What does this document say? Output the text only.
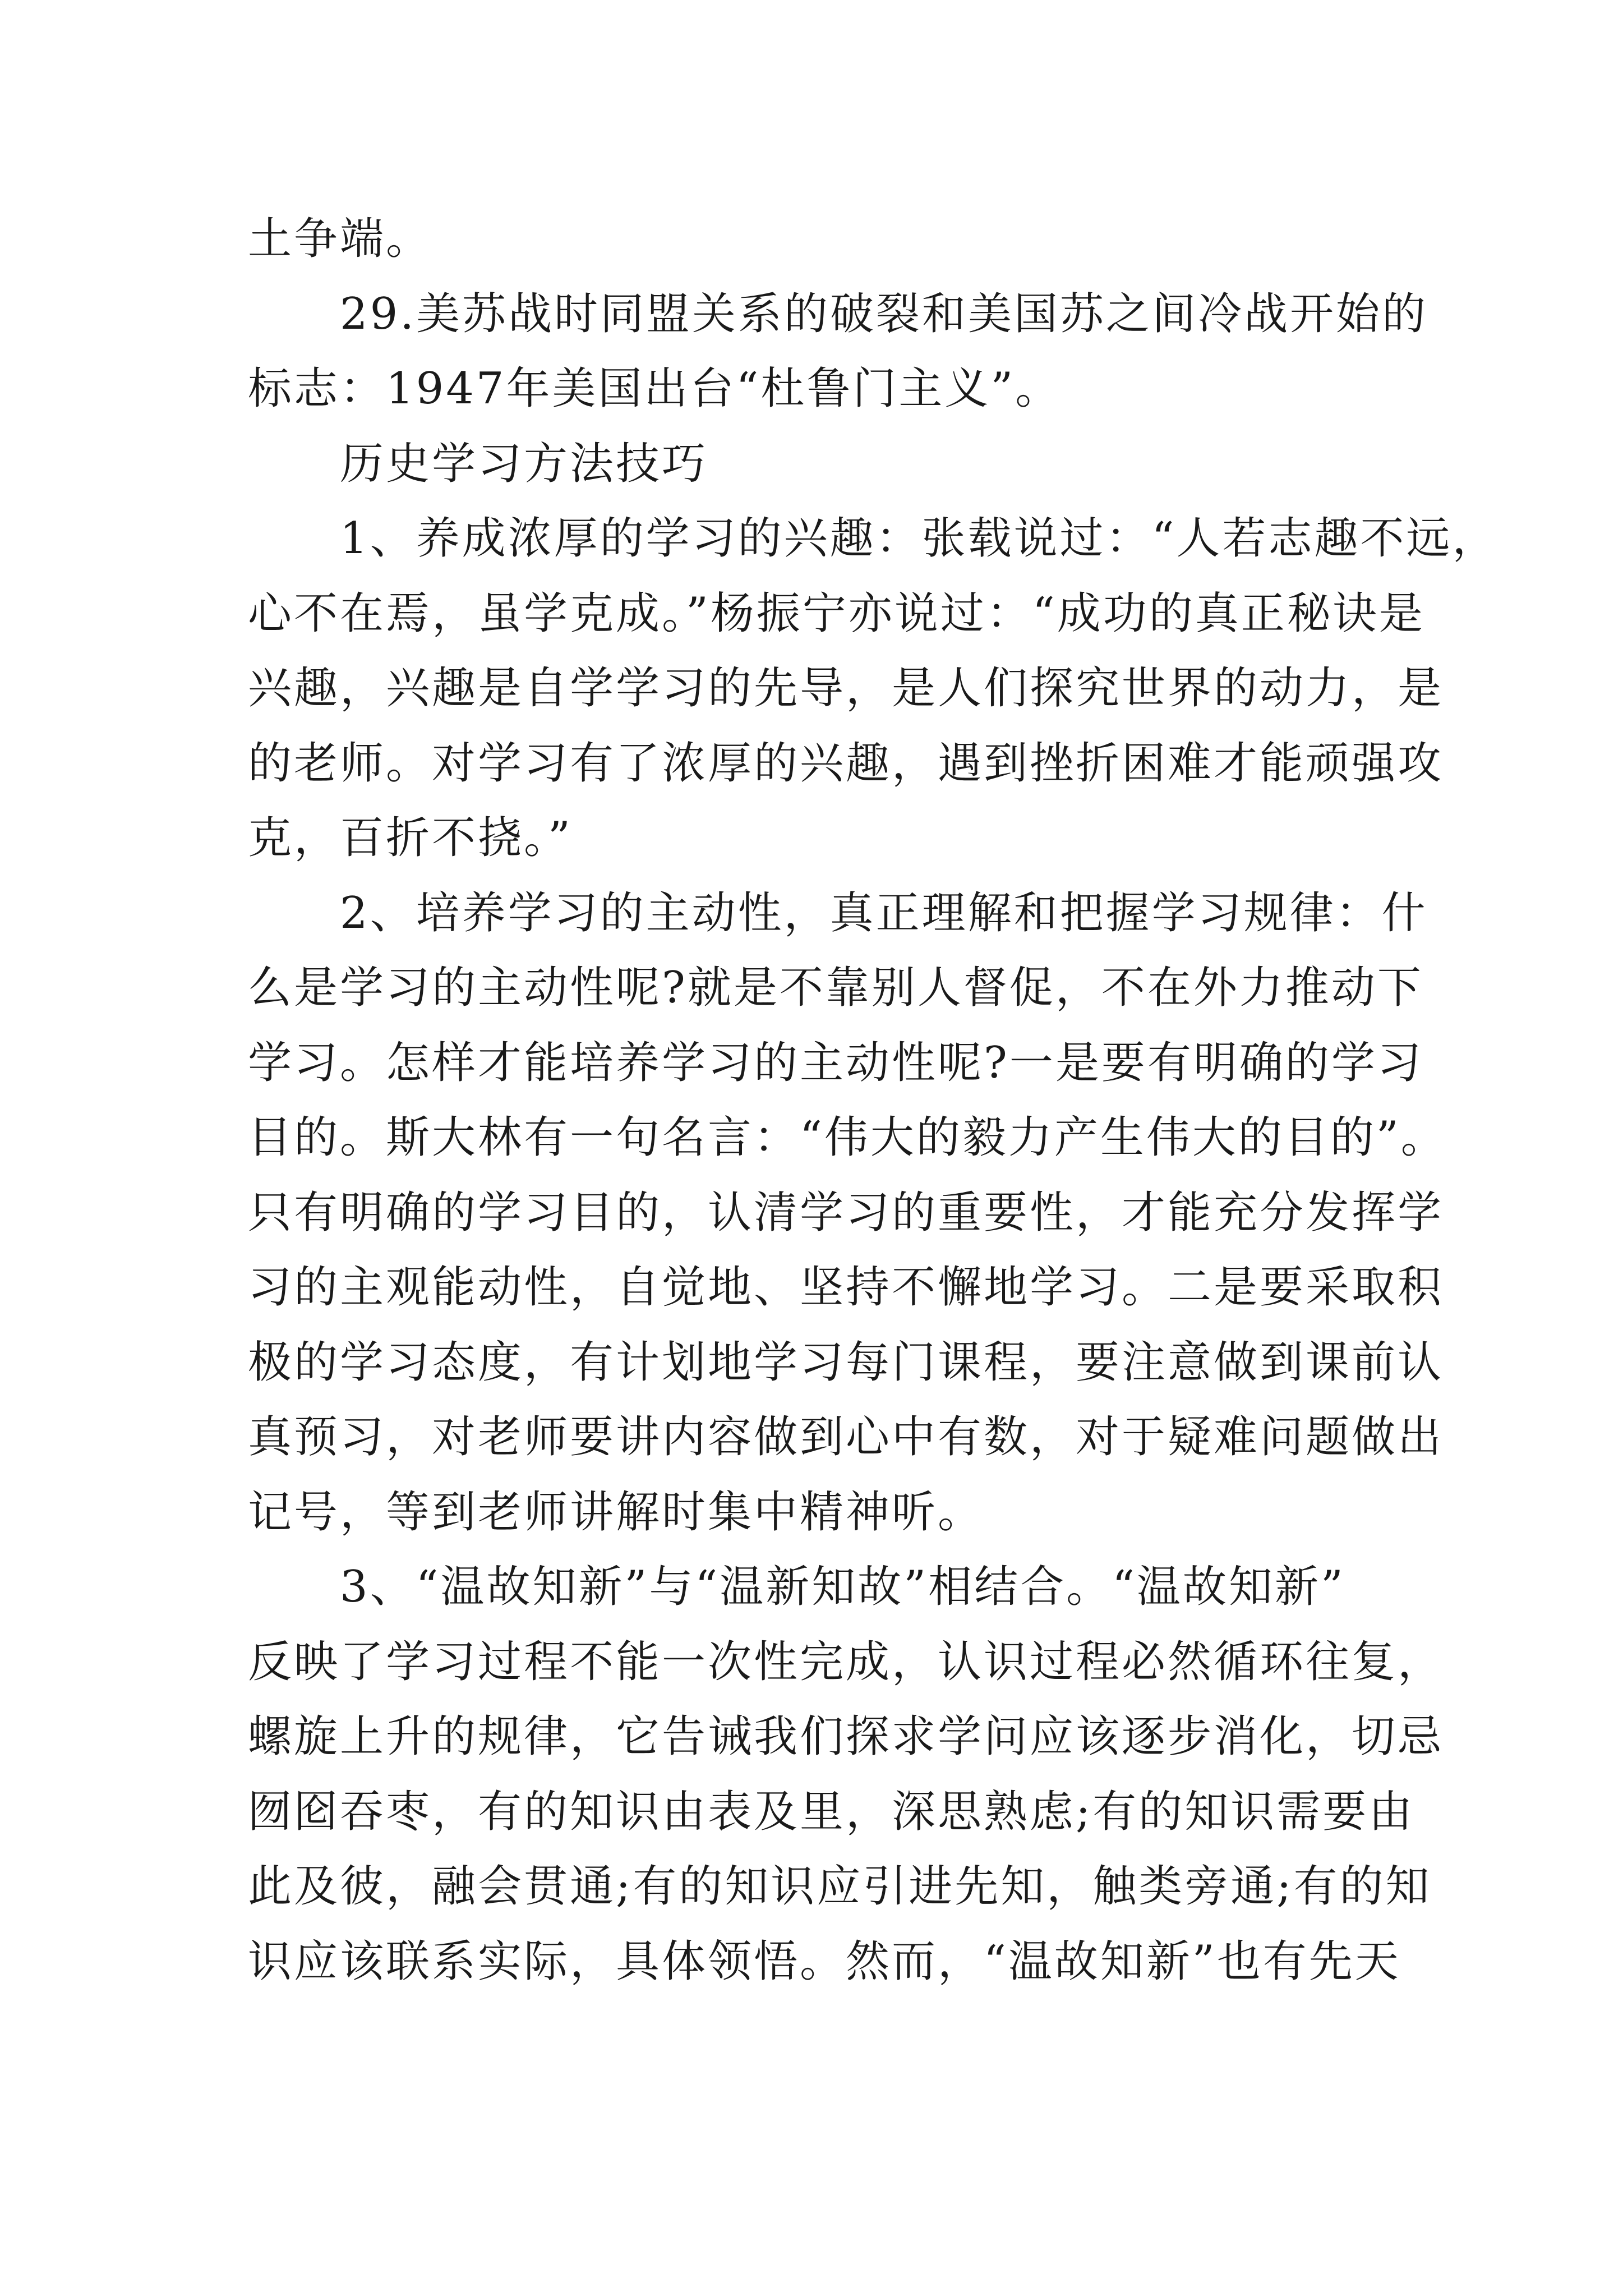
土争端。
29.美苏战时同盟关系的破裂和美国苏之间冷战开始的
标志：1947年美国出台“杜鲁门主义”。
历史学习方法技巧
1、养成浓厚的学习的兴趣：张载说过：“人若志趣不远，
心不在焉，虽学克成。”杨振宁亦说过：“成功的真正秘诀是
兴趣，兴趣是自学学习的先导，是人们探究世界的动力，是
的老师。对学习有了浓厚的兴趣，遇到挫折困难才能顽强攻
克，百折不挠。”
2、培养学习的主动性，真正理解和把握学习规律：什
么是学习的主动性呢?就是不靠别人督促，不在外力推动下
学习。怎样才能培养学习的主动性呢?一是要有明确的学习
目的。斯大林有一句名言：“伟大的毅力产生伟大的目的”。
只有明确的学习目的，认清学习的重要性，才能充分发挥学
习的主观能动性，自觉地、坚持不懈地学习。二是要采取积
极的学习态度，有计划地学习每门课程，要注意做到课前认
真预习，对老师要讲内容做到心中有数，对于疑难问题做出
记号，等到老师讲解时集中精神听。
3、“温故知新”与“温新知故”相结合。“温故知新”
反映了学习过程不能一次性完成，认识过程必然循环往复，
螺旋上升的规律，它告诫我们探求学问应该逐步消化，切忌
囫囵吞枣，有的知识由表及里，深思熟虑;有的知识需要由
此及彼，融会贯通;有的知识应引进先知，触类旁通;有的知
识应该联系实际，具体领悟。然而，“温故知新”也有先天
